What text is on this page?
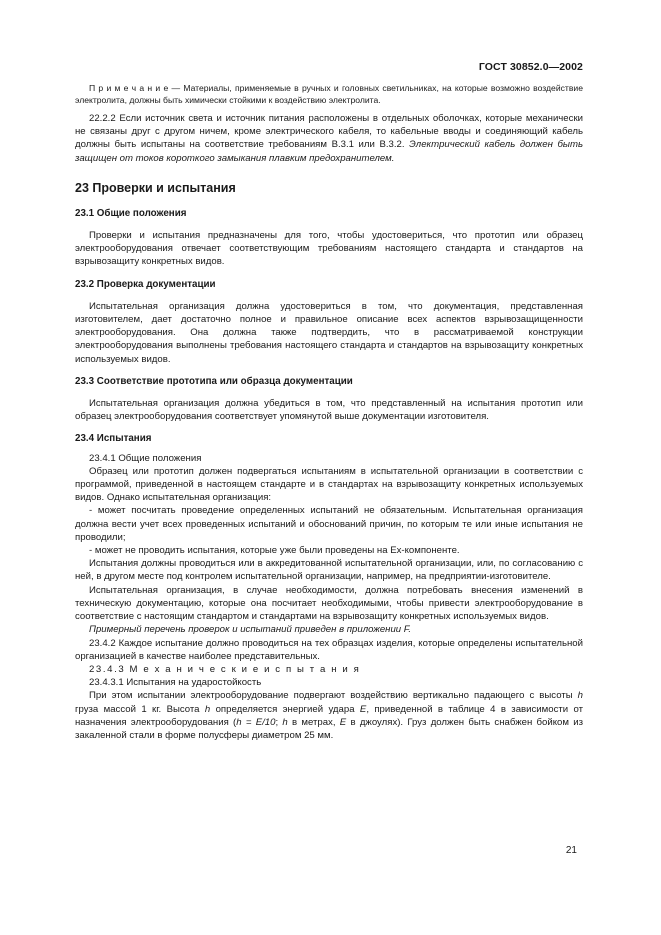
ГОСТ 30852.0—2002

П р и м е ч а н и е — Материалы, применяемые в ручных и головных светильниках, на которые возможно воздействие электролита, должны быть химически стойкими к воздействию электролита.

22.2.2 Если источник света и источник питания расположены в отдельных оболочках, которые механически не связаны друг с другом ничем, кроме электрического кабеля, то кабельные вводы и соединяющий кабель должны быть испытаны на соответствие требованиям В.3.1 или В.3.2. Электрический кабель должен быть защищен от токов короткого замыкания плавким предохранителем.

23 Проверки и испытания
23.1 Общие положения

Проверки и испытания предназначены для того, чтобы удостовериться, что прототип или образец электрооборудования отвечает соответствующим требованиям настоящего стандарта и стандартов на взрывозащиту конкретных видов.

23.2 Проверка документации

Испытательная организация должна удостовериться в том, что документация, представленная изготовителем, дает достаточно полное и правильное описание всех аспектов взрывозащищенности электрооборудования. Она должна также подтвердить, что в рассматриваемой конструкции электрооборудования выполнены требования настоящего стандарта и стандартов на взрывозащиту конкретных используемых видов.

23.3 Соответствие прототипа или образца документации

Испытательная организация должна убедиться в том, что представленный на испытания прототип или образец электрооборудования соответствует упомянутой выше документации изготовителя.

23.4 Испытания

23.4.1 Общие положения

Образец или прототип должен подвергаться испытаниям в испытательной организации в соответствии с программой, приведенной в настоящем стандарте и в стандартах на взрывозащиту конкретных используемых видов. Однако испытательная организация:

- может посчитать проведение определенных испытаний не обязательным. Испытательная организация должна вести учет всех проведенных испытаний и обоснований причин, по которым те или иные испытания не проводили;

- может не проводить испытания, которые уже были проведены на Ex-компоненте.

Испытания должны проводиться или в аккредитованной испытательной организации, или, по согласованию с ней, в другом месте под контролем испытательной организации, например, на предприятии-изготовителе.

Испытательная организация, в случае необходимости, должна потребовать внесения изменений в техническую документацию, которые она посчитает необходимыми, чтобы привести электрооборудование в соответствие с настоящим стандартом и стандартами на взрывозащиту конкретных используемых видов.

Примерный перечень проверок и испытаний приведен в приложении F.

23.4.2 Каждое испытание должно проводиться на тех образцах изделия, которые определены испытательной организацией в качестве наиболее представительных.

23.4.3 М е х а н и ч е с к и е и с п ы т а н и я

23.4.3.1 Испытания на ударостойкость

При этом испытании электрооборудование подвергают воздействию вертикально падающего с высоты h груза массой 1 кг. Высота h определяется энергией удара E, приведенной в таблице 4 в зависимости от назначения электрооборудования (h = E/10; h в метрах, E в джоулях). Груз должен быть снабжен бойком из закаленной стали в форме полусферы диаметром 25 мм.

21
